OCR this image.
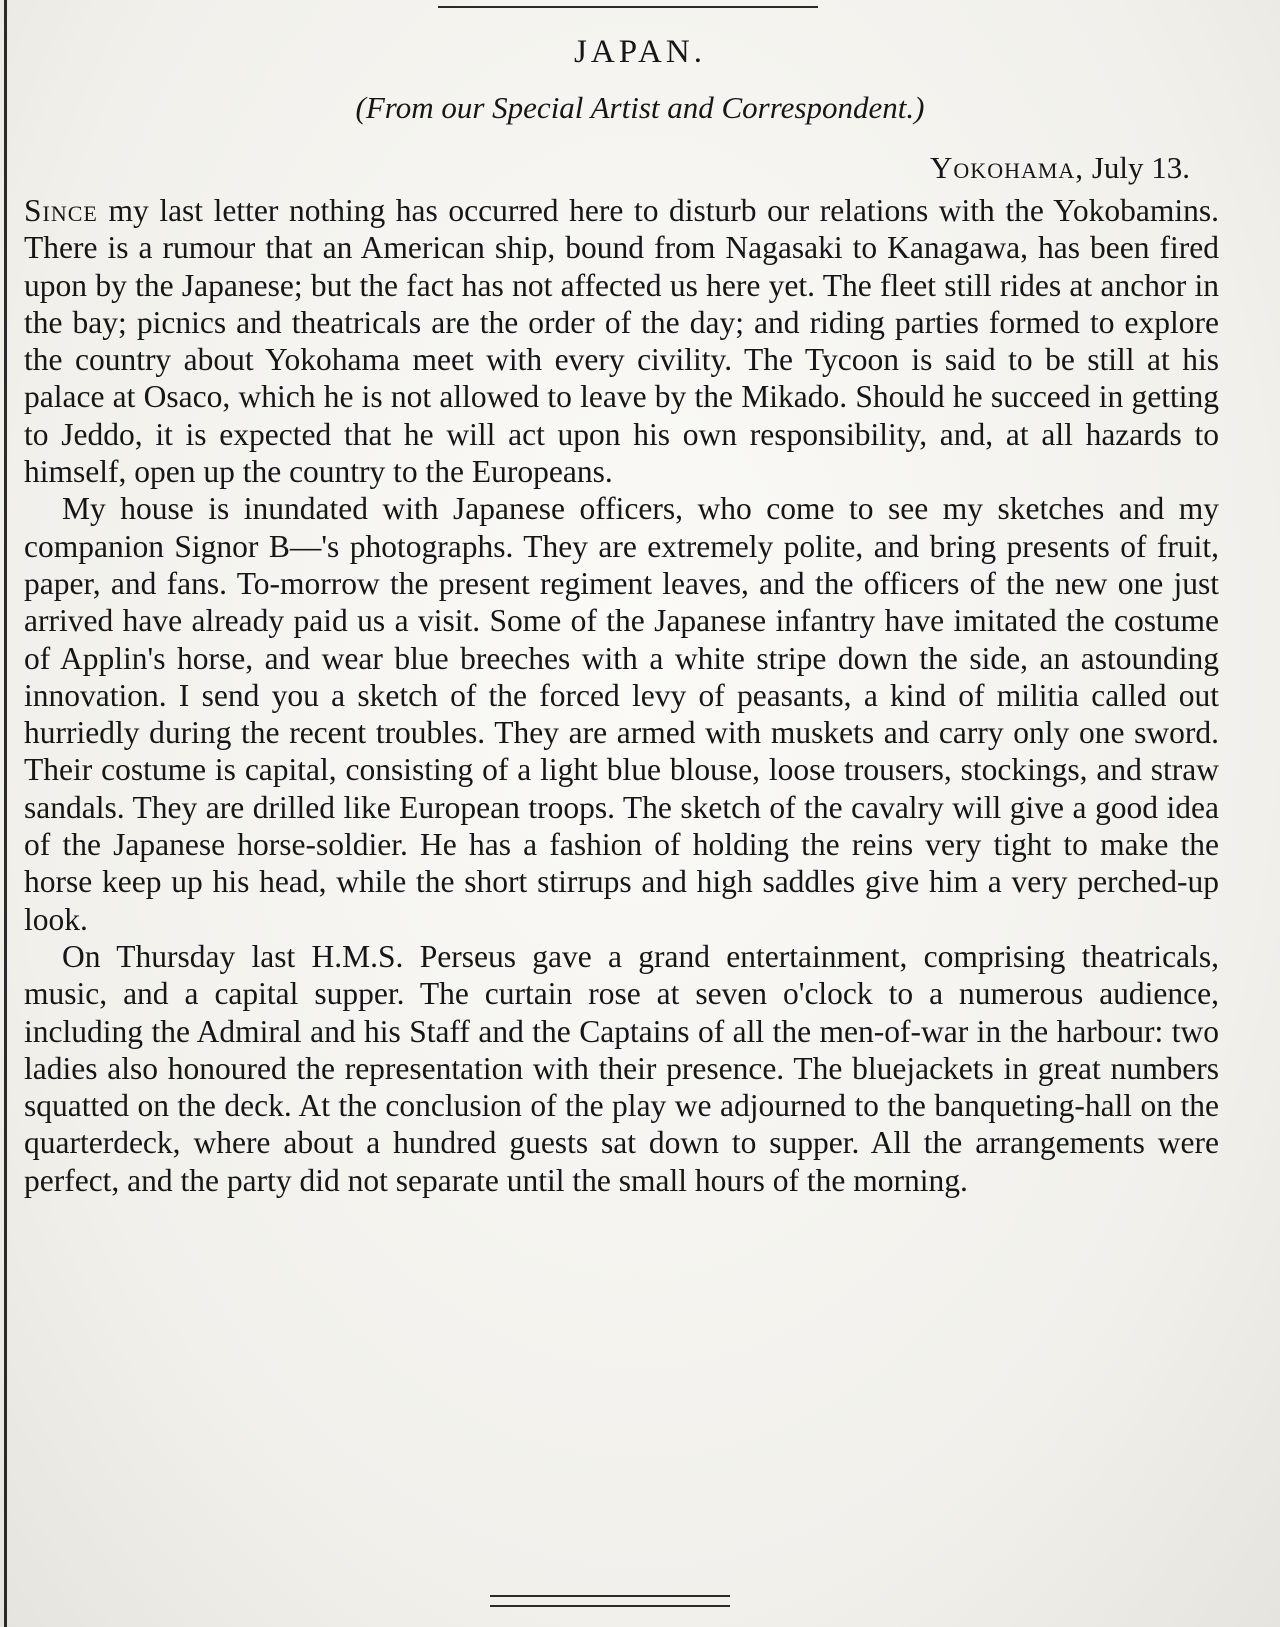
JAPAN.
(From our Special Artist and Correspondent.)
Yokohama, July 13.

Since my last letter nothing has occurred here to disturb our relations with the Yokobamins. There is a rumour that an American ship, bound from Nagasaki to Kanagawa, has been fired upon by the Japanese; but the fact has not affected us here yet. The fleet still rides at anchor in the bay; picnics and theatricals are the order of the day; and riding parties formed to explore the country about Yokohama meet with every civility. The Tycoon is said to be still at his palace at Osaco, which he is not allowed to leave by the Mikado. Should he succeed in getting to Jeddo, it is expected that he will act upon his own responsibility, and, at all hazards to himself, open up the country to the Europeans.

My house is inundated with Japanese officers, who come to see my sketches and my companion Signor B—'s photographs. They are extremely polite, and bring presents of fruit, paper, and fans. To-morrow the present regiment leaves, and the officers of the new one just arrived have already paid us a visit. Some of the Japanese infantry have imitated the costume of Applin's horse, and wear blue breeches with a white stripe down the side, an astounding innovation. I send you a sketch of the forced levy of peasants, a kind of militia called out hurriedly during the recent troubles. They are armed with muskets and carry only one sword. Their costume is capital, consisting of a light blue blouse, loose trousers, stockings, and straw sandals. They are drilled like European troops. The sketch of the cavalry will give a good idea of the Japanese horse-soldier. He has a fashion of holding the reins very tight to make the horse keep up his head, while the short stirrups and high saddles give him a very perched-up look.

On Thursday last H.M.S. Perseus gave a grand entertainment, comprising theatricals, music, and a capital supper. The curtain rose at seven o'clock to a numerous audience, including the Admiral and his Staff and the Captains of all the men-of-war in the harbour: two ladies also honoured the representation with their presence. The bluejackets in great numbers squatted on the deck. At the conclusion of the play we adjourned to the banqueting-hall on the quarterdeck, where about a hundred guests sat down to supper. All the arrangements were perfect, and the party did not separate until the small hours of the morning.
